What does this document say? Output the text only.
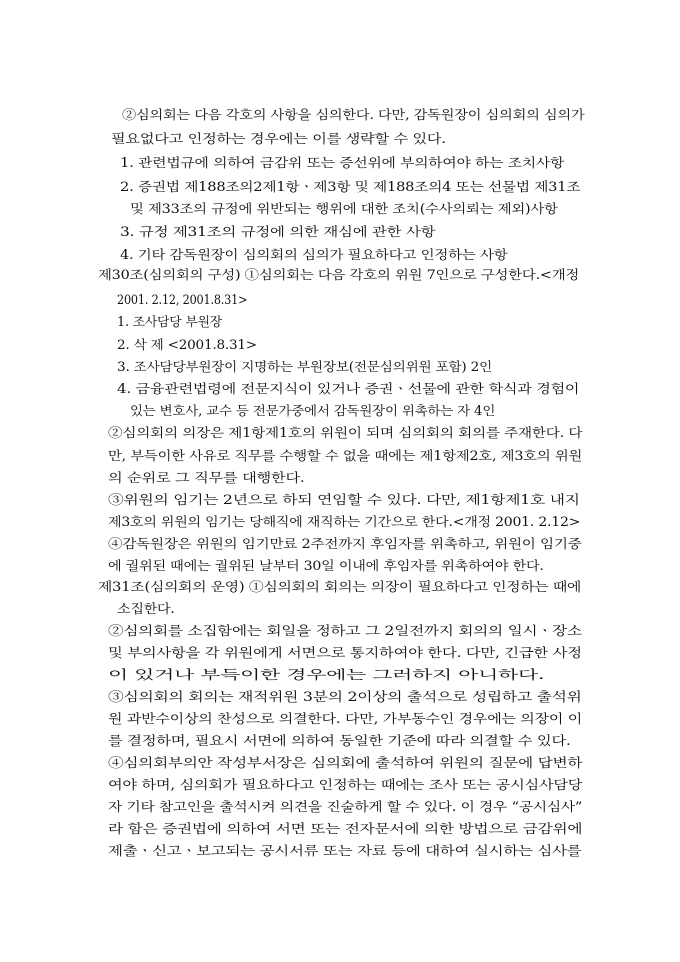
②심의회는 다음 각호의 사항을 심의한다. 다만, 감독원장이 심의회의 심의가
필요없다고 인정하는 경우에는 이를 생략할 수 있다.
1. 관련법규에 의하여 금감위 또는 증선위에 부의하여야 하는 조치사항
2. 증권법 제188조의2제1항ㆍ제3항 및 제188조의4 또는 선물법 제31조
및 제33조의 규정에 위반되는 행위에 대한 조치(수사의뢰는 제외)사항
3. 규정 제31조의 규정에 의한 재심에 관한 사항
4. 기타 감독원장이 심의회의 심의가 필요하다고 인정하는 사항
제30조(심의회의 구성) ①심의회는 다음 각호의 위원 7인으로 구성한다.<개정
2001. 2.12, 2001.8.31>
1. 조사담당 부원장
2. 삭 제 <2001.8.31>
3. 조사담당부원장이 지명하는 부원장보(전문심의위원 포함) 2인
4. 금융관련법령에 전문지식이 있거나 증권ㆍ선물에 관한 학식과 경험이
있는 변호사, 교수 등 전문가중에서 감독원장이 위촉하는 자 4인
②심의회의 의장은 제1항제1호의 위원이 되며 심의회의 회의를 주재한다. 다
만, 부득이한 사유로 직무를 수행할 수 없을 때에는 제1항제2호, 제3호의 위원
의 순위로 그 직무를 대행한다.
③위원의 임기는 2년으로 하되 연임할 수 있다. 다만, 제1항제1호 내지
제3호의 위원의 임기는 당해직에 재직하는 기간으로 한다.<개정 2001. 2.12>
④감독원장은 위원의 임기만료 2주전까지 후임자를 위촉하고, 위원이 임기중
에 궐위된 때에는 궐위된 날부터 30일 이내에 후임자를 위촉하여야 한다.
제31조(심의회의 운영) ①심의회의 회의는 의장이 필요하다고 인정하는 때에
소집한다.
②심의회를 소집함에는 회일을 정하고 그 2일전까지 회의의 일시ㆍ장소
및 부의사항을 각 위원에게 서면으로 통지하여야 한다. 다만, 긴급한 사정
이 있거나 부득이한 경우에는 그러하지 아니하다.
③심의회의 회의는 재적위원 3분의 2이상의 출석으로 성립하고 출석위
원 과반수이상의 찬성으로 의결한다. 다만, 가부동수인 경우에는 의장이 이
를 결정하며, 필요시 서면에 의하여 동일한 기준에 따라 의결할 수 있다.
④심의회부의안 작성부서장은 심의회에 출석하여 위원의 질문에 답변하
여야 하며, 심의회가 필요하다고 인정하는 때에는 조사 또는 공시심사담당
자 기타 참고인을 출석시켜 의견을 진술하게 할 수 있다. 이 경우 “공시심사”
라 함은 증권법에 의하여 서면 또는 전자문서에 의한 방법으로 금감위에
제출ㆍ신고ㆍ보고되는 공시서류 또는 자료 등에 대하여 실시하는 심사를
